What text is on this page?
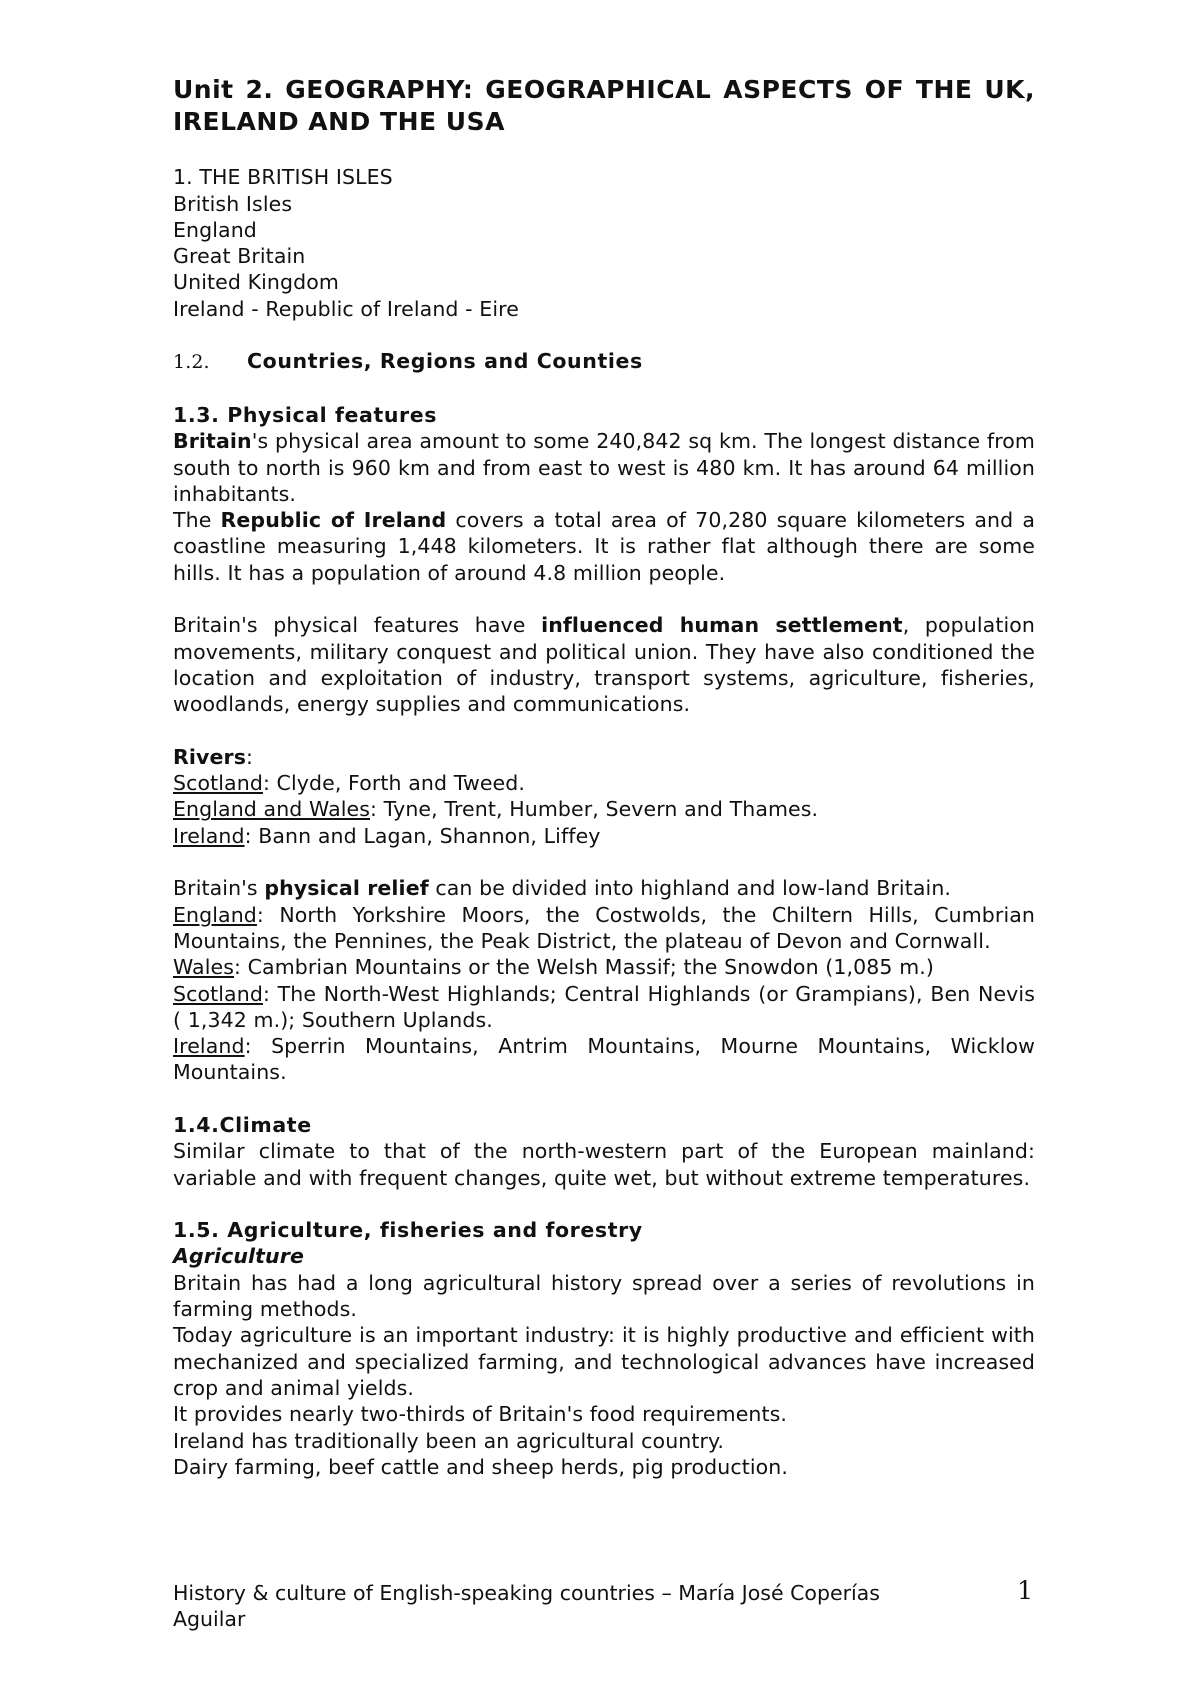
Unit 2. GEOGRAPHY: GEOGRAPHICAL ASPECTS OF THE UK, IRELAND AND THE USA

1. THE BRITISH ISLES

British Isles

England

Great Britain

United Kingdom

Ireland - Republic of Ireland - Eire

1.2. Countries, Regions and Counties

1.3. Physical features

Britain's physical area amount to some 240,842 sq km. The longest distance from south to north is 960 km and from east to west is 480 km. It has around 64 million inhabitants.

The Republic of Ireland covers a total area of 70,280 square kilometers and a coastline measuring 1,448 kilometers. It is rather flat although there are some hills. It has a population of around 4.8 million people.

Britain's physical features have influenced human settlement, population movements, military conquest and political union. They have also conditioned the location and exploitation of industry, transport systems, agriculture, fisheries, woodlands, energy supplies and communications.

Rivers:

Scotland: Clyde, Forth and Tweed.

England and Wales: Tyne, Trent, Humber, Severn and Thames.

Ireland: Bann and Lagan, Shannon, Liffey

Britain's physical relief can be divided into highland and low-land Britain.

England: North Yorkshire Moors, the Costwolds, the Chiltern Hills, Cumbrian Mountains, the Pennines, the Peak District, the plateau of Devon and Cornwall.

Wales: Cambrian Mountains or the Welsh Massif; the Snowdon (1,085 m.)

Scotland: The North-West Highlands; Central Highlands (or Grampians), Ben Nevis ( 1,342 m.); Southern Uplands.

Ireland: Sperrin Mountains, Antrim Mountains, Mourne Mountains, Wicklow Mountains.

1.4.Climate

Similar climate to that of the north-western part of the European mainland: variable and with frequent changes, quite wet, but without extreme temperatures.

1.5. Agriculture, fisheries and forestry

Agriculture

Britain has had a long agricultural history spread over a series of revolutions in farming methods.

Today agriculture is an important industry: it is highly productive and efficient with mechanized and specialized farming, and technological advances have increased crop and animal yields.

It provides nearly two-thirds of Britain's food requirements.

Ireland has traditionally been an agricultural country.

Dairy farming, beef cattle and sheep herds, pig production.

History & culture of English-speaking countries – María José Coperías Aguilar
1
